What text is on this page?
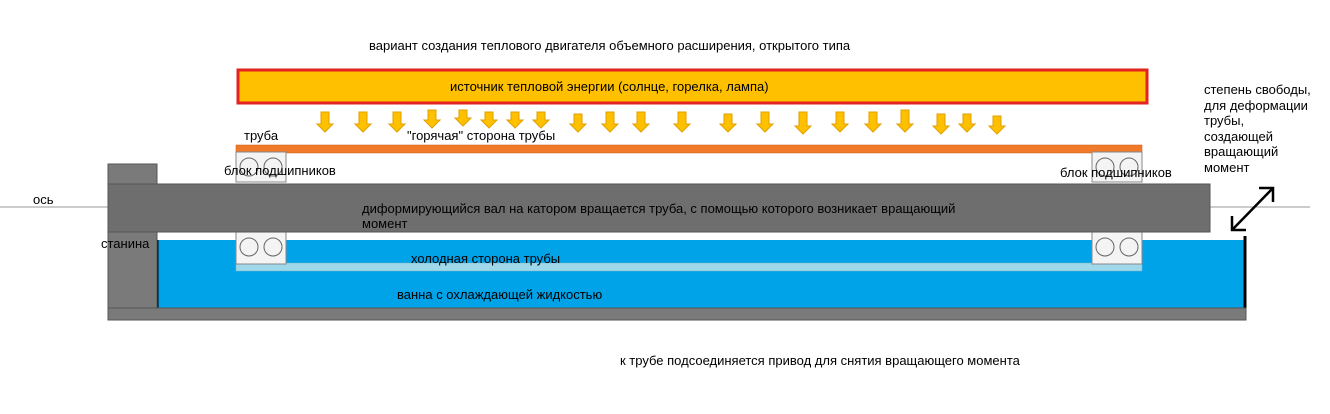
вариант создания теплового двигателя объемного расширения, открытого типа
источник тепловой энергии (солнце, горелка, лампа)
труба	"горячая" сторона трубы
блок подшипников	блок подшипников
ось
диформирующийся вал на катором вращается труба, с помощью которого возникает вращающий
момент
станина
холодная сторона трубы
ванна с охлаждающей жидкостью
степень свободы,
для деформации
трубы,
создающей
вращающий
момент
к трубе подсоединяется привод для снятия вращающего момента
